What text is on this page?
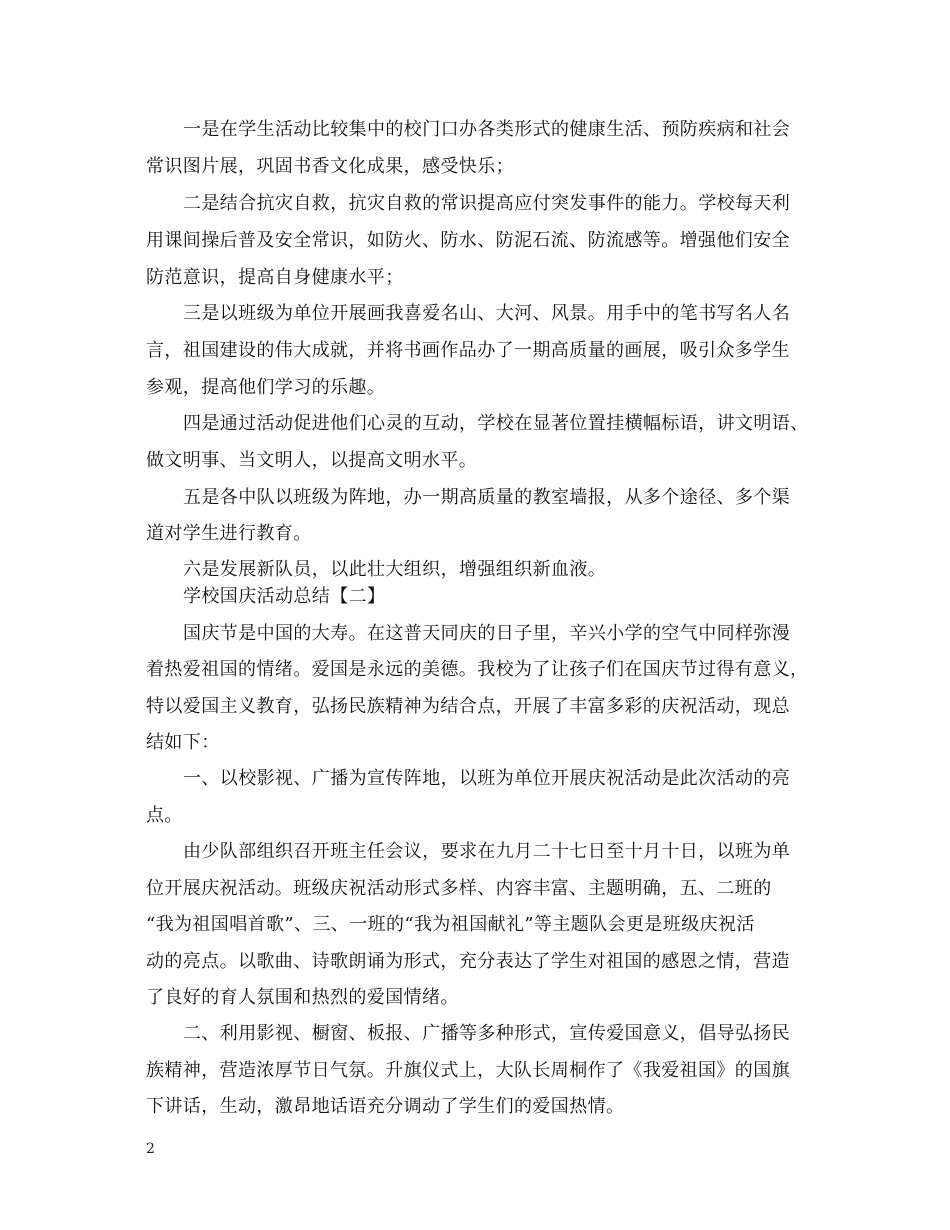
一是在学生活动比较集中的校门口办各类形式的健康生活、预防疾病和社会
常识图片展，巩固书香文化成果，感受快乐；
二是结合抗灾自救，抗灾自救的常识提高应付突发事件的能力。学校每天利
用课间操后普及安全常识，如防火、防水、防泥石流、防流感等。增强他们安全
防范意识，提高自身健康水平；
三是以班级为单位开展画我喜爱名山、大河、风景。用手中的笔书写名人名
言，祖国建设的伟大成就，并将书画作品办了一期高质量的画展，吸引众多学生
参观，提高他们学习的乐趣。
四是通过活动促进他们心灵的互动，学校在显著位置挂横幅标语，讲文明语、
做文明事、当文明人，以提高文明水平。
五是各中队以班级为阵地，办一期高质量的教室墙报，从多个途径、多个渠
道对学生进行教育。
六是发展新队员，以此壮大组织，增强组织新血液。
学校国庆活动总结【二】
国庆节是中国的大寿。在这普天同庆的日子里，辛兴小学的空气中同样弥漫
着热爱祖国的情绪。爱国是永远的美德。我校为了让孩子们在国庆节过得有意义，
特以爱国主义教育，弘扬民族精神为结合点，开展了丰富多彩的庆祝活动，现总
结如下：
一、以校影视、广播为宣传阵地，以班为单位开展庆祝活动是此次活动的亮
点。
由少队部组织召开班主任会议，要求在九月二十七日至十月十日，以班为单
位开展庆祝活动。班级庆祝活动形式多样、内容丰富、主题明确，五、二班的
“我为祖国唱首歌”、三、一班的“我为祖国献礼”等主题队会更是班级庆祝活
动的亮点。以歌曲、诗歌朗诵为形式，充分表达了学生对祖国的感恩之情，营造
了良好的育人氛围和热烈的爱国情绪。
二、利用影视、橱窗、板报、广播等多种形式，宣传爱国意义，倡导弘扬民
族精神，营造浓厚节日气氛。升旗仪式上，大队长周桐作了《我爱祖国》的国旗
下讲话，生动，激昂地话语充分调动了学生们的爱国热情。
2
